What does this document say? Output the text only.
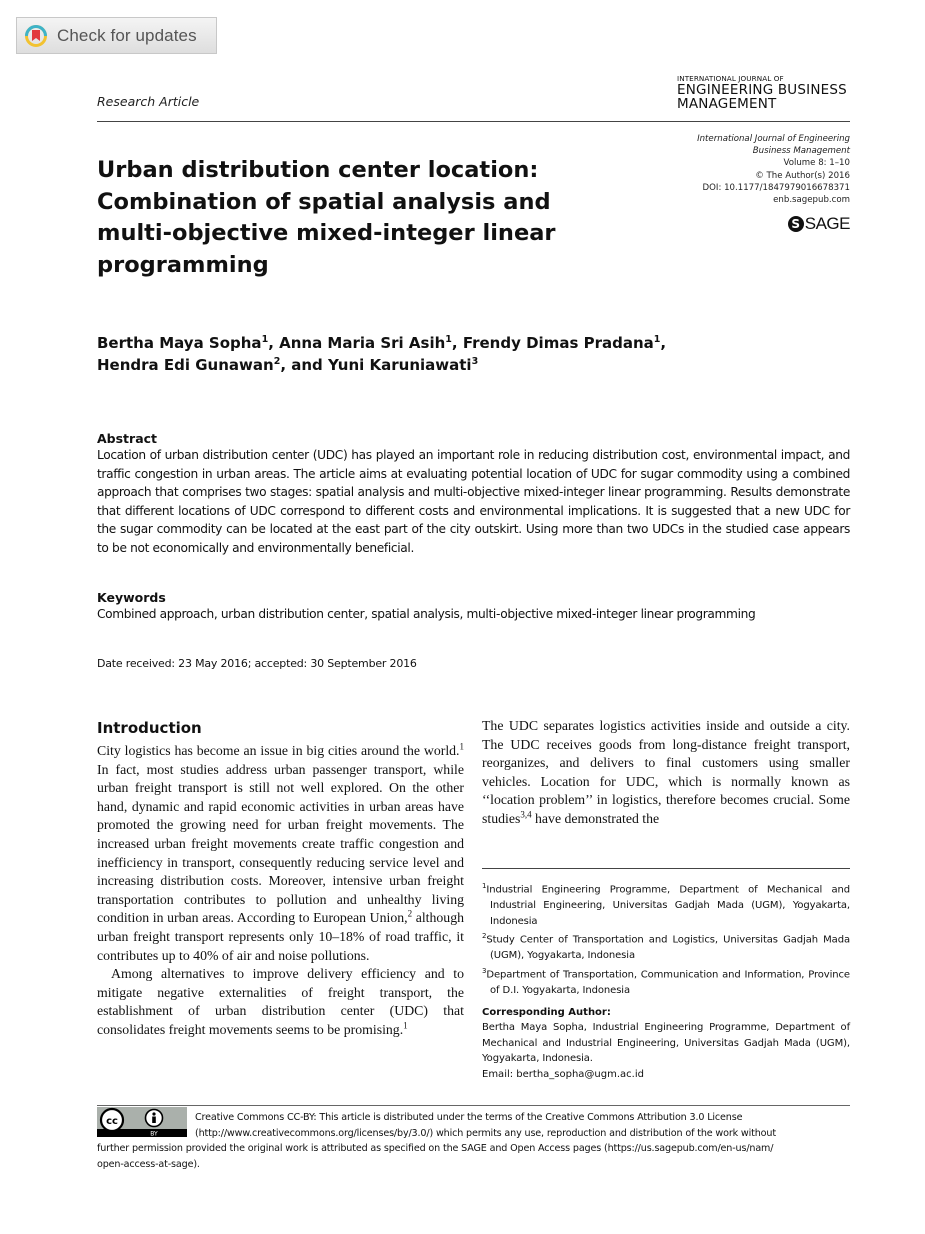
Check for updates
Research Article
INTERNATIONAL JOURNAL OF
ENGINEERING BUSINESS
MANAGEMENT
International Journal of Engineering
Business Management
Volume 8: 1–10
© The Author(s) 2016
DOI: 10.1177/1847979016678371
enb.sagepub.com
S SAGE
Urban distribution center location:
Combination of spatial analysis and
multi-objective mixed-integer linear
programming
Bertha Maya Sopha$^1$, Anna Maria Sri Asih$^1$, Frendy Dimas Pradana$^1$,
Hendra Edi Gunawan$^2$, and Yuni Karuniawati$^3$
Abstract
Location of urban distribution center (UDC) has played an important role in reducing distribution cost, environmental impact, and traffic congestion in urban areas. The article aims at evaluating potential location of UDC for sugar commodity using a combined approach that comprises two stages: spatial analysis and multi-objective mixed-integer linear programming. Results demonstrate that different locations of UDC correspond to different costs and environmental implications. It is suggested that a new UDC for the sugar commodity can be located at the east part of the city outskirt. Using more than two UDCs in the studied case appears to be not economically and environmentally beneficial.
Keywords
Combined approach, urban distribution center, spatial analysis, multi-objective mixed-integer linear programming
Date received: 23 May 2016; accepted: 30 September 2016
Introduction

City logistics has become an issue in big cities around the world.$^1$ In fact, most studies address urban passenger transport, while urban freight transport is still not well explored. On the other hand, dynamic and rapid economic activities in urban areas have promoted the growing need for urban freight movements. The increased urban freight movements create traffic congestion and inefficiency in transport, consequently reducing service level and increasing distribution costs. Moreover, intensive urban freight transportation contributes to pollution and unhealthy living condition in urban areas. According to European Union,$^2$ although urban freight transport represents only 10–18% of road traffic, it contributes up to 40% of air and noise pollutions.

Among alternatives to improve delivery efficiency and to mitigate negative externalities of freight transport, the establishment of urban distribution center (UDC) that consolidates freight movements seems to be promising.$^1$

The UDC separates logistics activities inside and outside a city. The UDC receives goods from long-distance freight transport, reorganizes, and delivers to final customers using smaller vehicles. Location for UDC, which is normally known as ‘‘location problem’’ in logistics, therefore becomes crucial. Some studies$^{3,4}$ have demonstrated the

$^1$Industrial Engineering Programme, Department of Mechanical and Industrial Engineering, Universitas Gadjah Mada (UGM), Yogyakarta, Indonesia
$^2$Study Center of Transportation and Logistics, Universitas Gadjah Mada (UGM), Yogyakarta, Indonesia
$^3$Department of Transportation, Communication and Information, Province of D.I. Yogyakarta, Indonesia
Corresponding Author:
Bertha Maya Sopha, Industrial Engineering Programme, Department of Mechanical and Industrial Engineering, Universitas Gadjah Mada (UGM), Yogyakarta, Indonesia.
Email: bertha_sopha@ugm.ac.id
cc
BY
Creative Commons CC-BY: This article is distributed under the terms of the Creative Commons Attribution 3.0 License
(http://www.creativecommons.org/licenses/by/3.0/) which permits any use, reproduction and distribution of the work without
further permission provided the original work is attributed as specified on the SAGE and Open Access pages (https://us.sagepub.com/en-us/nam/
open-access-at-sage).
